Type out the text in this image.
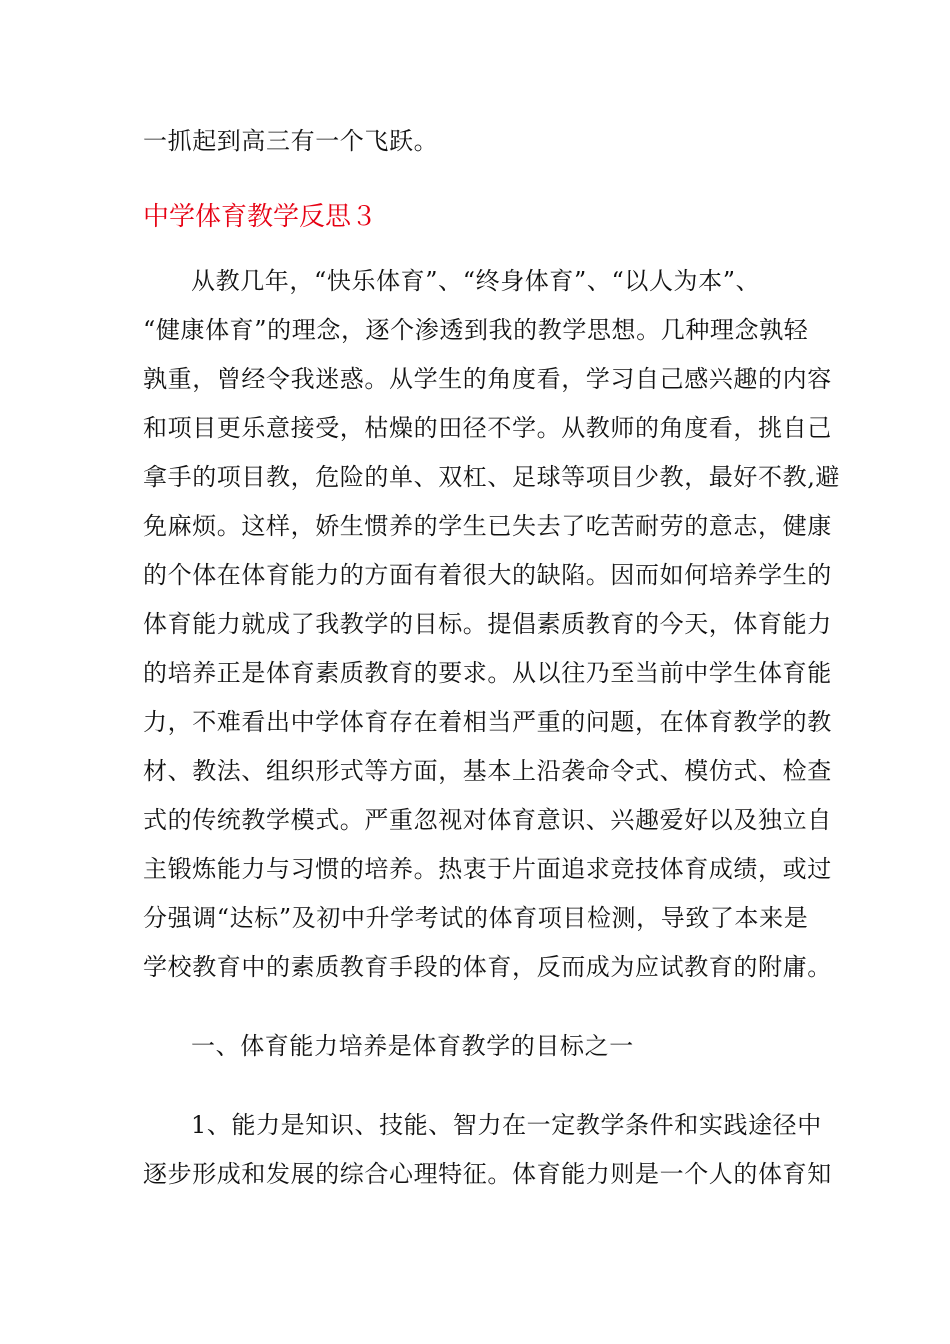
一抓起到高三有一个飞跃。
中学体育教学反思３
从教几年，“快乐体育”、“终身体育”、“以人为本”、
“健康体育”的理念，逐个渗透到我的教学思想。几种理念孰轻
孰重，曾经令我迷惑。从学生的角度看，学习自己感兴趣的内容
和项目更乐意接受，枯燥的田径不学。从教师的角度看，挑自己
拿手的项目教，危险的单、双杠、足球等项目少教，最好不教,避
免麻烦。这样，娇生惯养的学生已失去了吃苦耐劳的意志，健康
的个体在体育能力的方面有着很大的缺陷。因而如何培养学生的
体育能力就成了我教学的目标。提倡素质教育的今天，体育能力
的培养正是体育素质教育的要求。从以往乃至当前中学生体育能
力，不难看出中学体育存在着相当严重的问题，在体育教学的教
材、教法、组织形式等方面，基本上沿袭命令式、模仿式、检查
式的传统教学模式。严重忽视对体育意识、兴趣爱好以及独立自
主锻炼能力与习惯的培养。热衷于片面追求竞技体育成绩，或过
分强调“达标”及初中升学考试的体育项目检测，导致了本来是
学校教育中的素质教育手段的体育，反而成为应试教育的附庸。
一、体育能力培养是体育教学的目标之一
1、能力是知识、技能、智力在一定教学条件和实践途径中
逐步形成和发展的综合心理特征。体育能力则是一个人的体育知
